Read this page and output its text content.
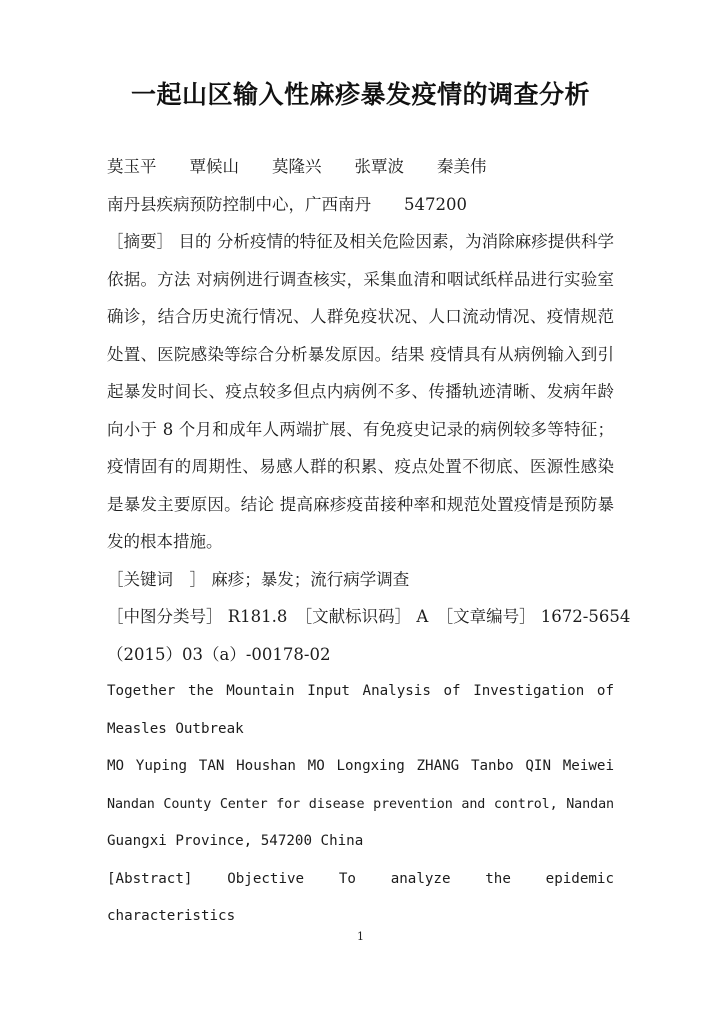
一起山区输入性麻疹暴发疫情的调查分析

莫玉平　　覃候山　　莫隆兴　　张覃波　　秦美伟

南丹县疾病预防控制中心，广西南丹　　547200

［摘要］ 目的 分析疫情的特征及相关危险因素，为消除麻疹提供科学依据。方法 对病例进行调查核实，采集血清和咽试纸样品进行实验室确诊，结合历史流行情况、人群免疫状况、人口流动情况、疫情规范处置、医院感染等综合分析暴发原因。结果 疫情具有从病例输入到引起暴发时间长、疫点较多但点内病例不多、传播轨迹清晰、发病年龄向小于 8 个月和成年人两端扩展、有免疫史记录的病例较多等特征；疫情固有的周期性、易感人群的积累、疫点处置不彻底、医源性感染是暴发主要原因。结论 提高麻疹疫苗接种率和规范处置疫情是预防暴发的根本措施。

［关键词　］ 麻疹；暴发；流行病学调查

［中图分类号］ R181.8　［文献标识码］ A　［文章编号］ 1672-5654

（2015）03（a）-00178-02

Together the Mountain Input Analysis of Investigation of

Measles Outbreak

MO Yuping TAN Houshan MO Longxing ZHANG Tanbo QIN Meiwei

Nandan County Center for disease prevention and control, Nandan

Guangxi Province, 547200 China

[Abstract] Objective To analyze the epidemic characteristics

1
